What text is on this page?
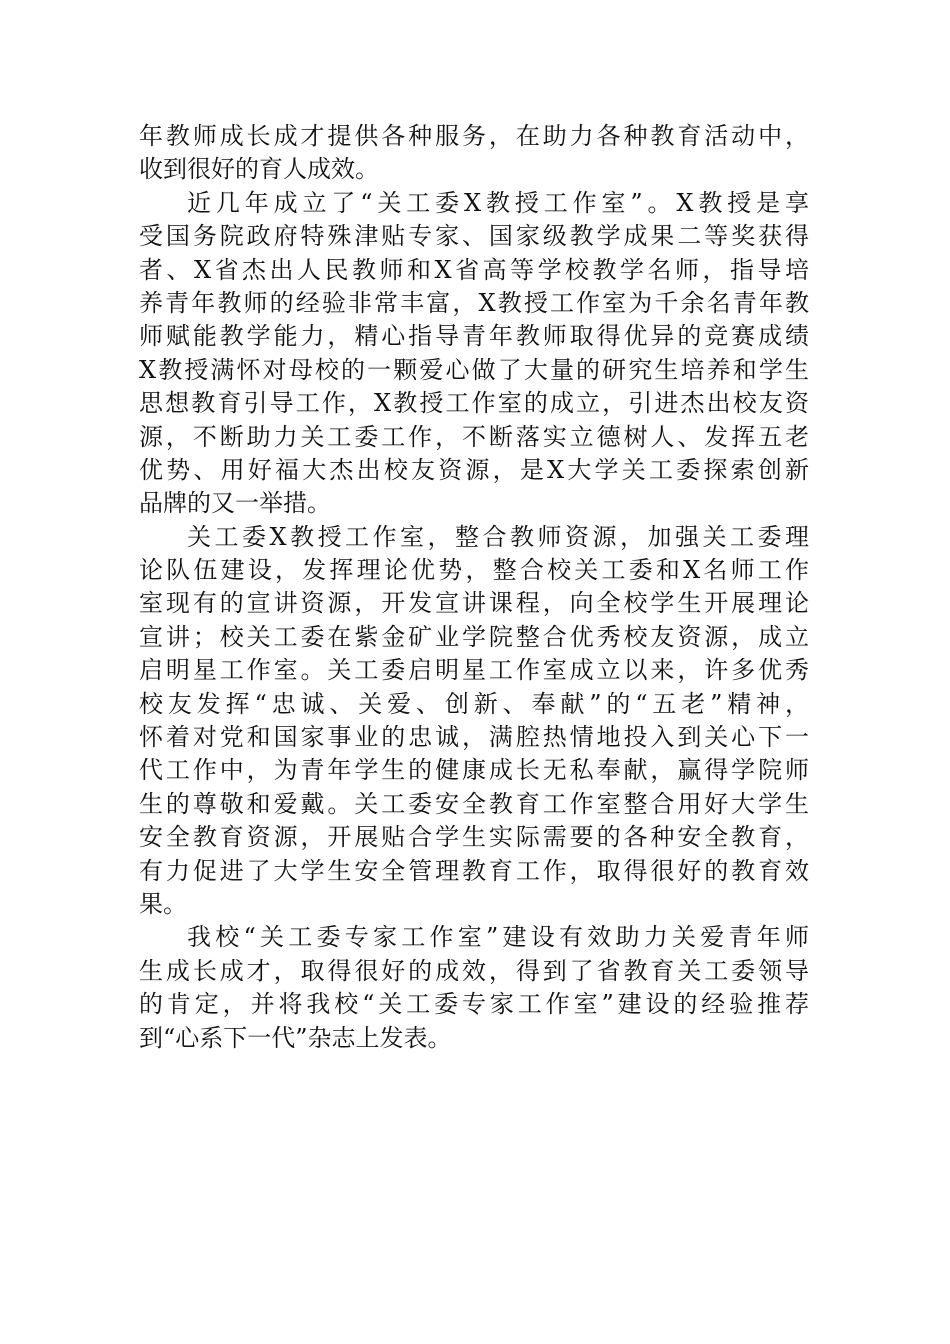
年教师成长成才提供各种服务，在助力各种教育活动中，
收到很好的育人成效。
近几年成立了“关工委X教授工作室”。X教授是享
受国务院政府特殊津贴专家、国家级教学成果二等奖获得
者、X省杰出人民教师和X省高等学校教学名师，指导培
养青年教师的经验非常丰富，X教授工作室为千余名青年教
师赋能教学能力，精心指导青年教师取得优异的竞赛成绩
X教授满怀对母校的一颗爱心做了大量的研究生培养和学生
思想教育引导工作，X教授工作室的成立，引进杰出校友资
源，不断助力关工委工作，不断落实立德树人、发挥五老
优势、用好福大杰出校友资源，是X大学关工委探索创新
品牌的又一举措。
关工委X教授工作室，整合教师资源，加强关工委理
论队伍建设，发挥理论优势，整合校关工委和X名师工作
室现有的宣讲资源，开发宣讲课程，向全校学生开展理论
宣讲；校关工委在紫金矿业学院整合优秀校友资源，成立
启明星工作室。关工委启明星工作室成立以来，许多优秀
校友发挥“忠诚、关爱、创新、奉献”的“五老”精神，
怀着对党和国家事业的忠诚，满腔热情地投入到关心下一
代工作中，为青年学生的健康成长无私奉献，赢得学院师
生的尊敬和爱戴。关工委安全教育工作室整合用好大学生
安全教育资源，开展贴合学生实际需要的各种安全教育，
有力促进了大学生安全管理教育工作，取得很好的教育效
果。
我校“关工委专家工作室”建设有效助力关爱青年师
生成长成才，取得很好的成效，得到了省教育关工委领导
的肯定，并将我校“关工委专家工作室”建设的经验推荐
到“心系下一代”杂志上发表。
